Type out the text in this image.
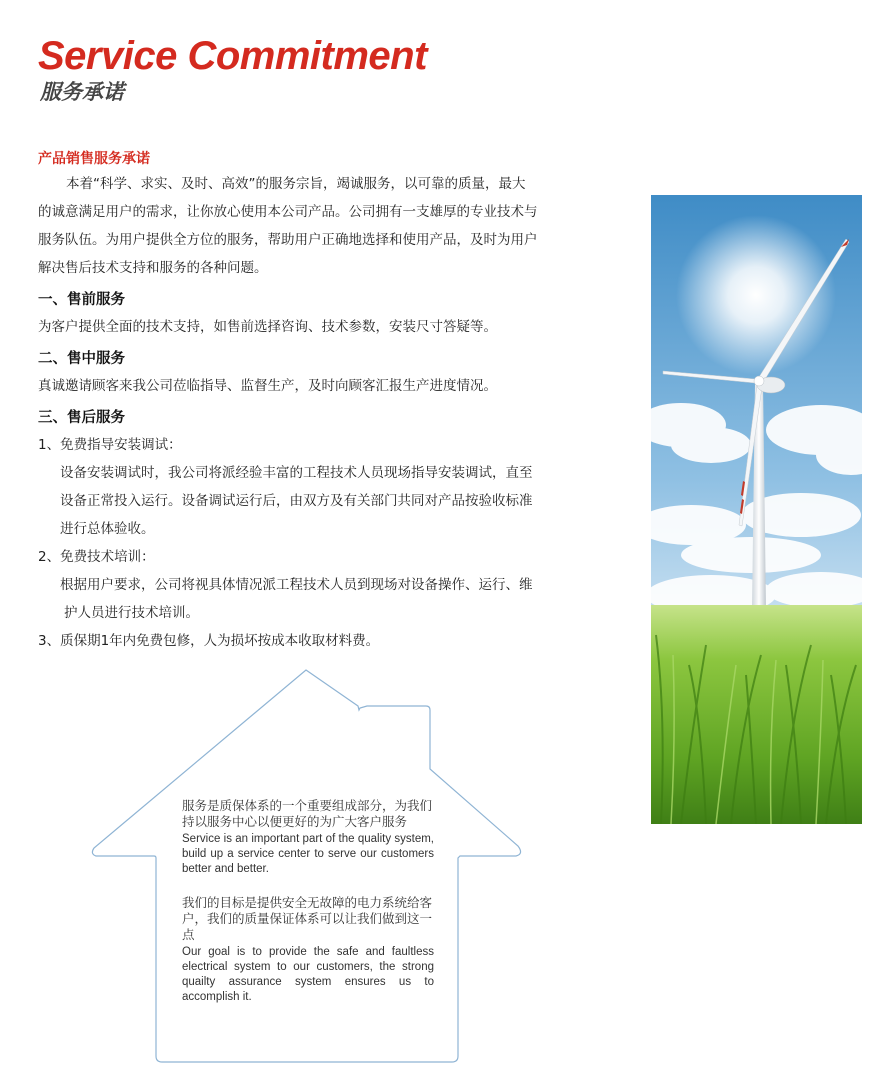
Service Commitment
服务承诺

产品销售服务承诺

本着“科学、求实、及时、高效”的服务宗旨，竭诚服务，以可靠的质量，最大

的诚意满足用户的需求，让你放心使用本公司产品。公司拥有一支雄厚的专业技术与

服务队伍。为用户提供全方位的服务，帮助用户正确地选择和使用产品，及时为用户

解决售后技术支持和服务的各种问题。

一、售前服务

为客户提供全面的技术支持，如售前选择咨询、技术参数，安装尺寸答疑等。

二、售中服务

真诚邀请顾客来我公司莅临指导、监督生产，及时向顾客汇报生产进度情况。

三、售后服务

1、免费指导安装调试：

设备安装调试时，我公司将派经验丰富的工程技术人员现场指导安装调试，直至

设备正常投入运行。设备调试运行后，由双方及有关部门共同对产品按验收标准

进行总体验收。

2、免费技术培训：

根据用户要求，公司将视具体情况派工程技术人员到现场对设备操作、运行、维

护人员进行技术培训。

3、质保期1年内免费包修，人为损坏按成本收取材料费。

服务是质保体系的一个重要组成部分，为我们持以服务中心以便更好的为广大客户服务

Service is an important part of the quality system, build up a service center to serve our customers better and better.

我们的目标是提供安全无故障的电力系统给客户，我们的质量保证体系可以让我们做到这一点

Our goal is to provide the safe and faultless electrical system to our customers, the strong quailty assurance system ensures us to accomplish it.
